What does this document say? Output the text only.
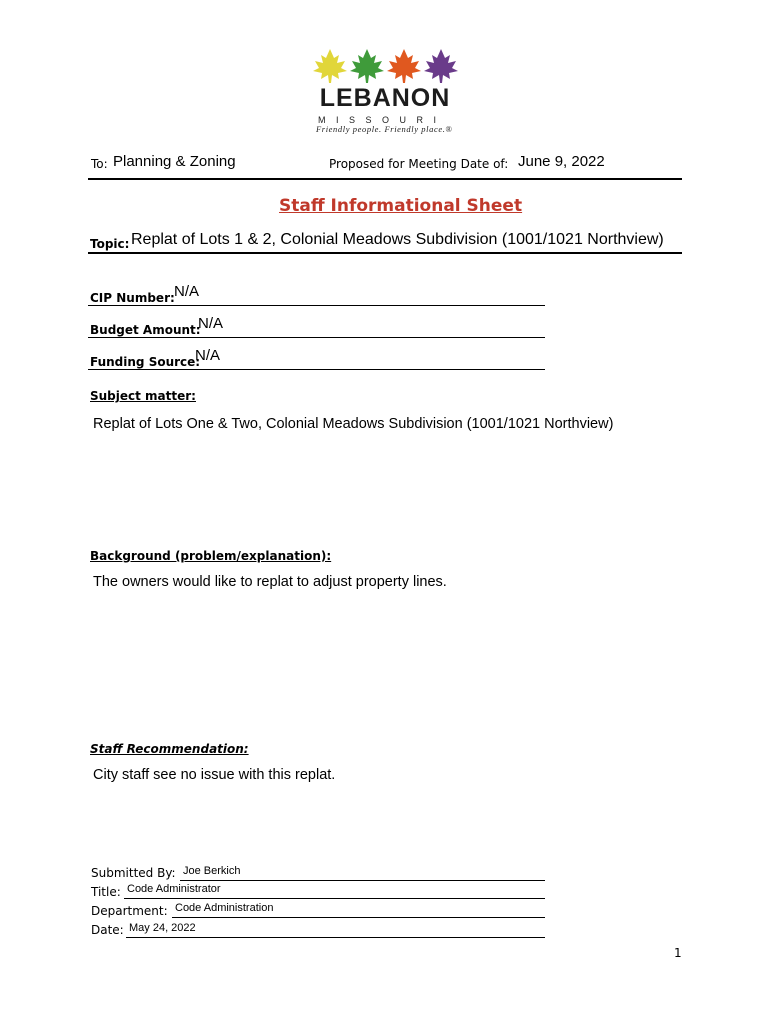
LEBANON
MISSOURI
Friendly people. Friendly place.®
To: Planning & Zoning	Proposed for Meeting Date of: June 9, 2022
Staff Informational Sheet
Topic: Replat of Lots 1 & 2, Colonial Meadows Subdivision (1001/1021 Northview)
CIP Number: N/A
Budget Amount:
N/A
Funding Source:
N/A
Subject matter:
Replat of Lots One & Two, Colonial Meadows Subdivision (1001/1021 Northview)
Background (problem/explanation):
The owners would like to replat to adjust property lines.
Staff Recommendation:
City staff see no issue with this replat.
Submitted By: Joe Berkich
Title: Code Administrator
Department: Code Administration
Date: May 24, 2022
1
